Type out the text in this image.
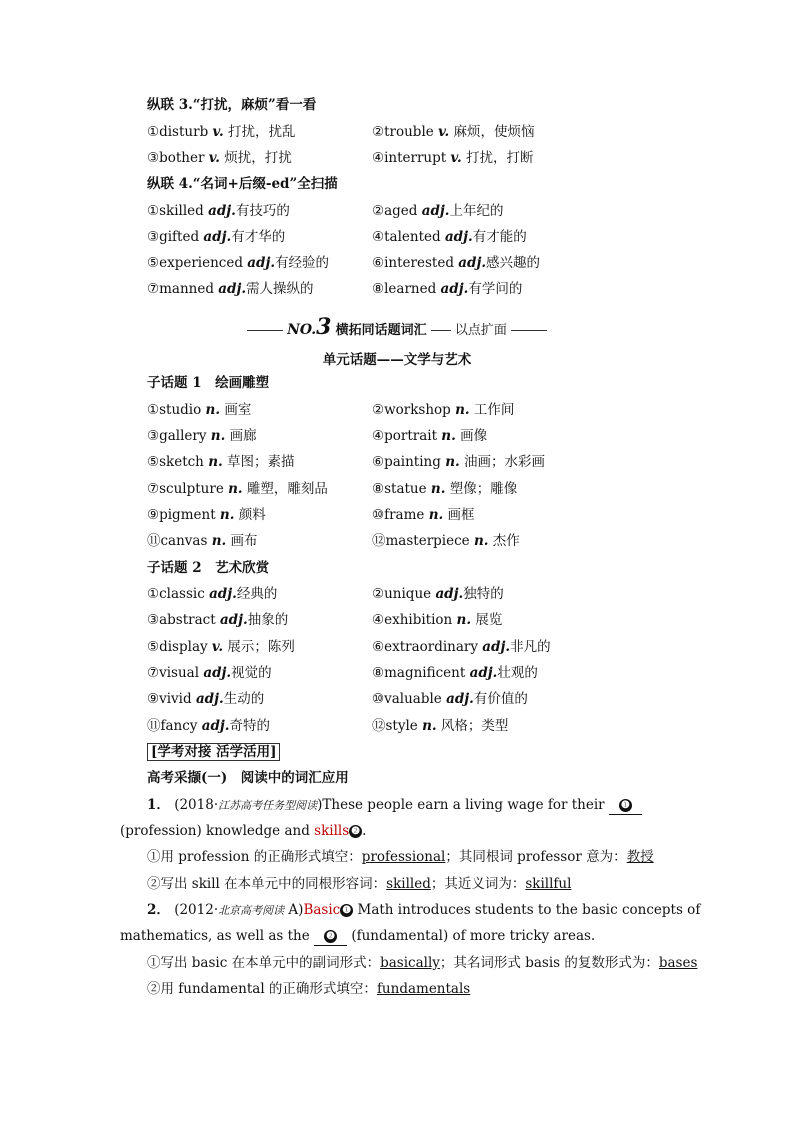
纵联 3.“打扰，麻烦”看一看
①disturb v. 打扰，扰乱	②trouble v. 麻烦，使烦恼
③bother v. 烦扰，打扰	④interrupt v. 打扰，打断
纵联 4.“名词+后缀-ed”全扫描
①skilled adj.有技巧的	②aged adj.上年纪的
③gifted adj.有才华的	④talented adj.有才能的
⑤experienced adj.有经验的	⑥interested adj.感兴趣的
⑦manned adj.需人操纵的	⑧learned adj.有学问的
NO.3 横拓同话题词汇 以点扩面
单元话题——文学与艺术
子话题 1　绘画雕塑
①studio n. 画室	②workshop n. 工作间
③gallery n. 画廊	④portrait n. 画像
⑤sketch n. 草图；素描	⑥painting n. 油画；水彩画
⑦sculpture n. 雕塑，雕刻品	⑧statue n. 塑像；雕像
⑨pigment n. 颜料	⑩frame n. 画框
⑪canvas n. 画布	⑫masterpiece n. 杰作
子话题 2　艺术欣赏
①classic adj.经典的	②unique adj.独特的
③abstract adj.抽象的	④exhibition n. 展览
⑤display v. 展示；陈列	⑥extraordinary adj.非凡的
⑦visual adj.视觉的	⑧magnificent adj.壮观的
⑨vivid adj.生动的	⑩valuable adj.有价值的
⑪fancy adj.奇特的	⑫style n. 风格；类型
[学考对接 活学活用]
高考采撷(一)　阅读中的词汇应用
1． (2018·江苏高考任务型阅读)These people earn a living wage for their ❶
(profession) knowledge and skills ❷ .
①用 profession 的正确形式填空：professional；其同根词 professor 意为：教授
②写出 skill 在本单元中的同根形容词：skilled；其近义词为：skillful
2． (2012·北京高考阅读 A)Basic ❶ Math introduces students to the basic concepts of
mathematics, as well as the ❷ (fundamental) of more tricky areas.
①写出 basic 在本单元中的副词形式：basically；其名词形式 basis 的复数形式为：bases
②用 fundamental 的正确形式填空：fundamentals
